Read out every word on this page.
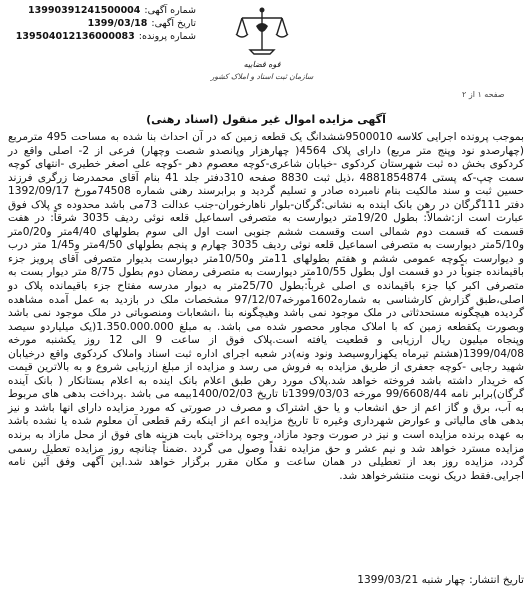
شماره آگهی:
13990391241500004
تاریخ آگهی:
1399/03/18
شماره پرونده:
139504012136000083
قوه قضاییه
سازمان ثبت اسناد و املاک کشور
صفحه ۱ از ۲
آگهی مزایده اموال غیر منقول (اسناد رهنی)
بموجب پرونده اجرایی کلاسه 9500010ششدانگ یک قطعه زمین که در آن احداث بنا شده به مساحت 495 مترمربع (چهارصدو نود وپنج متر مربع) دارای پلاک 4564( چهارهزار وپانصدو شصت وچهار) فرعی از 2- اصلی واقع در کردکوی بخش ده ثبت شهرستان کردکوی -خیابان شاعری-کوچه معصوم دهر -کوچه علی اصغر خطیری -انتهای کوچه سمت چپ-که پستی 4881854874 ،ذیل ثبت 8830 صفحه 310دفتر جلد 41 بنام آقای محمدرضا زرگری فرزند حسین ثبت و سند مالکیت بنام نامبرده صادر و تسلیم گردید و برابرسند رهنی شماره 74508مورخ 1392/09/17 دفتر 111گرگان در رهن بانک اینده به نشانی:گرگان-بلوار ناهارخوران-جنب عدالت 73می باشد محدوده ی پلاک فوق عبارت است از:شمالاً: بطول 19/20متر دیوارست به متصرفی اسماعیل قلعه نوئی ردیف 3035 شرقاً: در هفت قسمت که قسمت دوم شمالی است وقسمت ششم جنوبی است اول الی سوم بطولهای 4/40متر و0/20متر و5/10متر دیوارست به متصرفی اسماعیل قلعه نوئی ردیف 3035 چهارم و پنجم بطولهای 4/50متر و1/45 متر درب و دیوارست بکوچه عمومی ششم و هفتم بطولهای 11متر و10/50متر دیوارست بدیوار متصرفی آقای پرویز جزء باقیمانده جنوباً در دو قسمت اول بطول 10/55متر دیوارست به متصرفی رمضان دوم بطول 8/75 متر دیوار بست به متصرفی اکبر کیا جزء باقیمانده ی اصلی غرباً:بطول 25/70متر به دیوار مدرسه مفتاح جزء باقیمانده پلاک دو اصلی،طبق گزارش کارشناسی به شماره1602مورخه97/12/07 مشخصات ملک در بازدید به عمل آمده مشاهده گردیده هیچگونه مستحدثاتی در ملک موجود نمی باشد وهیچگونه بنا ،انشعابات ومنصوباتی در ملک موجود نمی باشد وبصورت یکقطعه زمین که با املاک مجاور محصور شده می باشد. به مبلغ 1.350.000.000(یک میلیاردو سیصد وپنجاه میلیون ریال ارزیابی و قطعیت یافته است.پلاک فوق از ساعت 9 الی 12 روز یکشنبه مورخه 1399/04/08(هشتم تیرماه یکهزاروسیصد ونود ونه)در شعبه اجرای اداره ثبت اسناد واملاک کردکوی واقع درخیابان شهید رجایی -کوچه جعفری از طریق مزایده به فروش می رسد و مزایده از مبلغ ارزیابی شروع و به بالاترین قیمت که خریدار داشته باشد فروخته خواهد شد.پلاک مورد رهن طبق اعلام بانک اینده به اعلام بستانکار ( بانک آینده گرگان)برابر نامه 99/6608/44 مورخه 1399/03/03تا تاریخ 1400/02/03بیمه می باشد .پرداخت بدهی های مربوط به آب، برق و گاز اعم از حق انشعاب و یا حق اشتراک و مصرف در صورتی که مورد مزایده دارای انها باشد و نیز بدهی های مالیاتی و عوارض شهرداری وغیره تا تاریخ مزایده اعم از اینکه رقم قطعی آن معلوم شده یا نشده باشد به عهده برنده مزایده است و نیز در صورت وجود مازاد، وجوه پرداختی بابت هزینه های فوق از محل مازاد به برنده مزایده مسترد خواهد شد و نیم عشر و حق مزایده نقداً وصول می گردد .ضمناً چنانچه روز مزایده تعطیل رسمی گردد، مزایده روز بعد از تعطیلی در همان ساعت و مکان مقرر برگزار خواهد شد.این آگهی وفق آئین نامه اجرایی.فقط دریک نوبت منتشرخواهد شد.
تاریخ انتشار: چهار شنبه 1399/03/21
